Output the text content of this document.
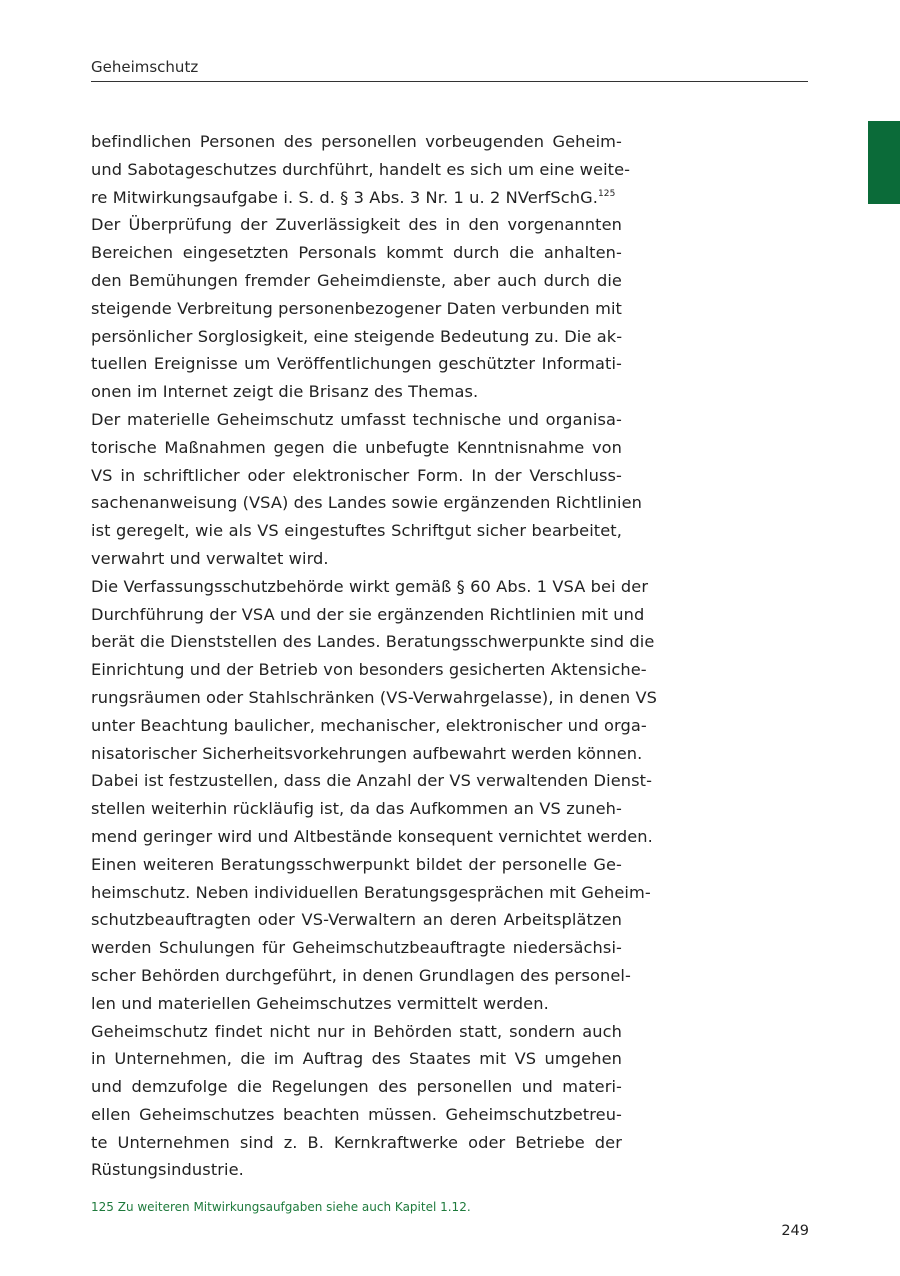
Geheimschutz

befindlichen Personen des personellen vorbeugenden Geheim-
und Sabotageschutzes durchführt, handelt es sich um eine weite-
re Mitwirkungsaufgabe i. S. d. § 3 Abs. 3 Nr. 1 u. 2 NVerfSchG.$^{125}$

Der Überprüfung der Zuverlässigkeit des in den vorgenannten
Bereichen eingesetzten Personals kommt durch die anhalten-
den Bemühungen fremder Geheimdienste, aber auch durch die
steigende Verbreitung personenbezogener Daten verbunden mit
persönlicher Sorglosigkeit, eine steigende Bedeutung zu. Die ak-
tuellen Ereignisse um Veröffentlichungen geschützter Informati-
onen im Internet zeigt die Brisanz des Themas.

Der materielle Geheimschutz umfasst technische und organisa-
torische Maßnahmen gegen die unbefugte Kenntnisnahme von
VS in schriftlicher oder elektronischer Form. In der Verschluss-
sachenanweisung (VSA) des Landes sowie ergänzenden Richtlinien
ist geregelt, wie als VS eingestuftes Schriftgut sicher bearbeitet,
verwahrt und verwaltet wird.

Die Verfassungsschutzbehörde wirkt gemäß § 60 Abs. 1 VSA bei der
Durchführung der VSA und der sie ergänzenden Richtlinien mit und
berät die Dienststellen des Landes. Beratungsschwerpunkte sind die
Einrichtung und der Betrieb von besonders gesicherten Aktensiche-
rungsräumen oder Stahlschränken (VS-Verwahrgelasse), in denen VS
unter Beachtung baulicher, mechanischer, elektronischer und orga-
nisatorischer Sicherheitsvorkehrungen aufbewahrt werden können.
Dabei ist festzustellen, dass die Anzahl der VS verwaltenden Dienst-
stellen weiterhin rückläufig ist, da das Aufkommen an VS zuneh-
mend geringer wird und Altbestände konsequent vernichtet werden.
Einen weiteren Beratungsschwerpunkt bildet der personelle Ge-
heimschutz. Neben individuellen Beratungsgesprächen mit Geheim-
schutzbeauftragten oder VS-Verwaltern an deren Arbeitsplätzen
werden Schulungen für Geheimschutzbeauftragte niedersächsi-
scher Behörden durchgeführt, in denen Grundlagen des personel-
len und materiellen Geheimschutzes vermittelt werden.

Geheimschutz findet nicht nur in Behörden statt, sondern auch
in Unternehmen, die im Auftrag des Staates mit VS umgehen
und demzufolge die Regelungen des personellen und materi-
ellen Geheimschutzes beachten müssen. Geheimschutzbetreu-
te Unternehmen sind z. B. Kernkraftwerke oder Betriebe der
Rüstungsindustrie.

125 Zu weiteren Mitwirkungsaufgaben siehe auch Kapitel 1.12.
249
